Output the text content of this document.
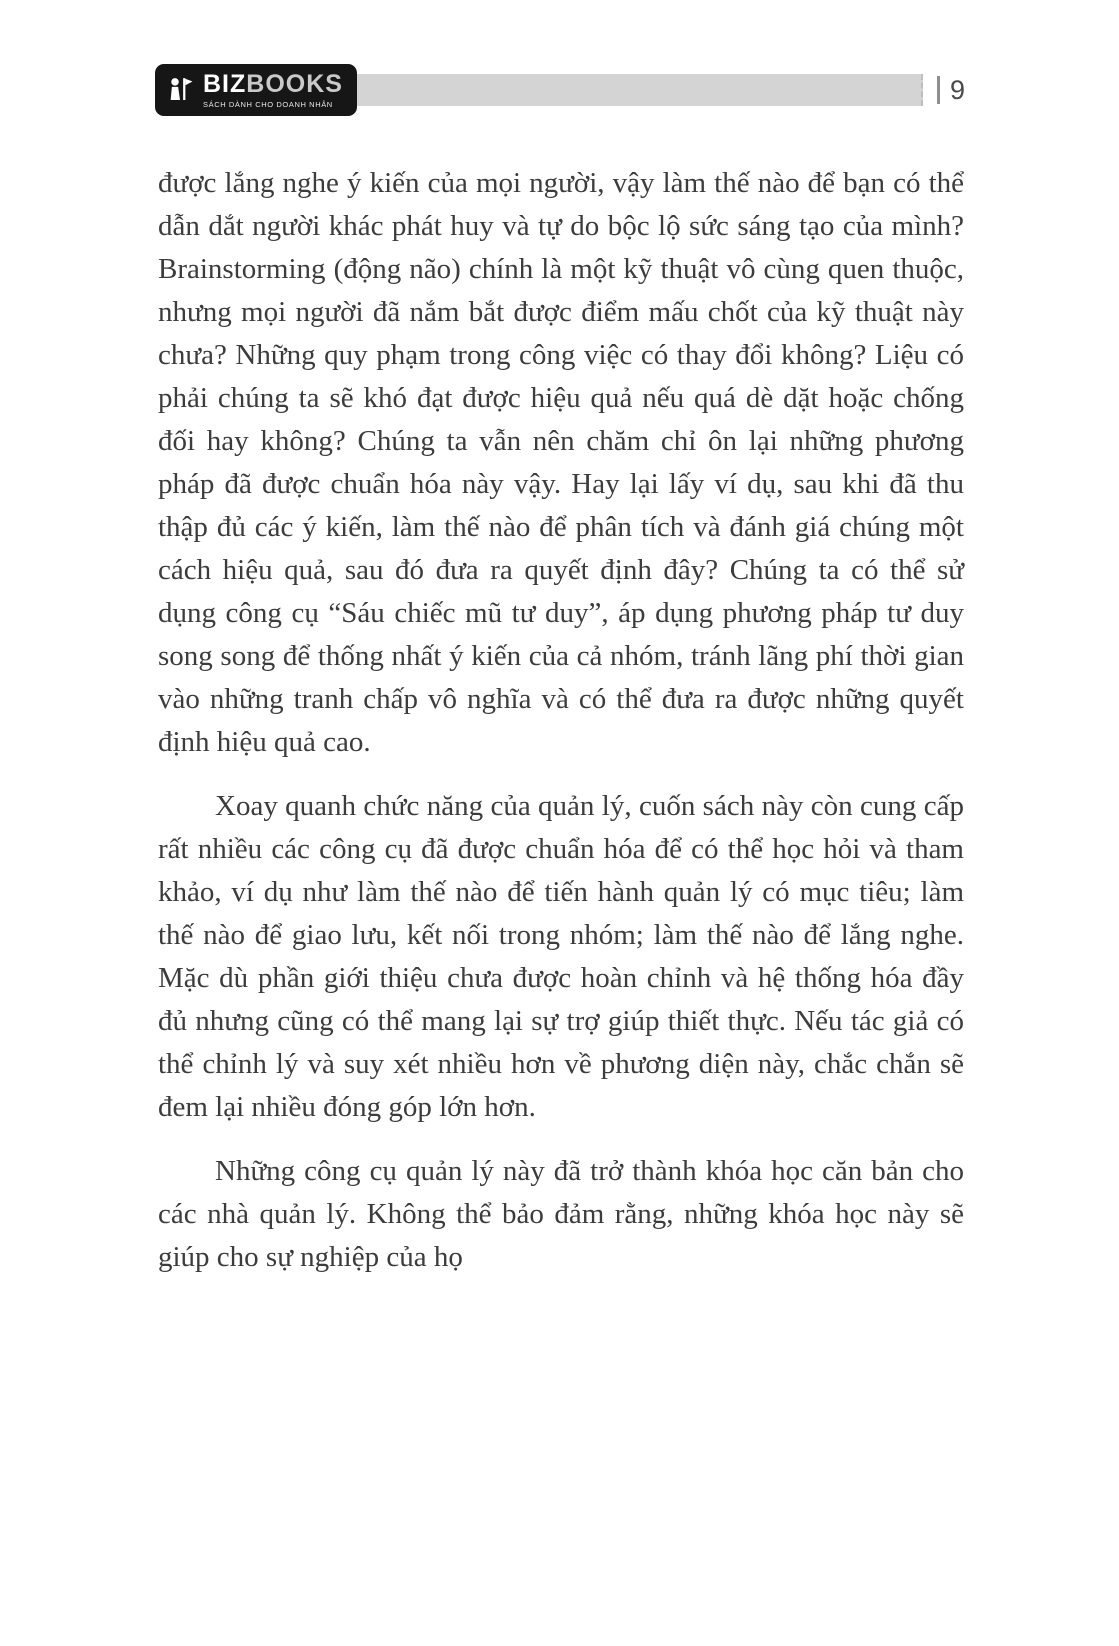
BIZBOOKS
SÁCH DÀNH CHO DOANH NHÂN	9

được lắng nghe ý kiến của mọi người, vậy làm thế nào để bạn có thể dẫn dắt người khác phát huy và tự do bộc lộ sức sáng tạo của mình? Brainstorming (động não) chính là một kỹ thuật vô cùng quen thuộc, nhưng mọi người đã nắm bắt được điểm mấu chốt của kỹ thuật này chưa? Những quy phạm trong công việc có thay đổi không? Liệu có phải chúng ta sẽ khó đạt được hiệu quả nếu quá dè dặt hoặc chống đối hay không? Chúng ta vẫn nên chăm chỉ ôn lại những phương pháp đã được chuẩn hóa này vậy. Hay lại lấy ví dụ, sau khi đã thu thập đủ các ý kiến, làm thế nào để phân tích và đánh giá chúng một cách hiệu quả, sau đó đưa ra quyết định đây? Chúng ta có thể sử dụng công cụ “Sáu chiếc mũ tư duy”, áp dụng phương pháp tư duy song song để thống nhất ý kiến của cả nhóm, tránh lãng phí thời gian vào những tranh chấp vô nghĩa và có thể đưa ra được những quyết định hiệu quả cao.

Xoay quanh chức năng của quản lý, cuốn sách này còn cung cấp rất nhiều các công cụ đã được chuẩn hóa để có thể học hỏi và tham khảo, ví dụ như làm thế nào để tiến hành quản lý có mục tiêu; làm thế nào để giao lưu, kết nối trong nhóm; làm thế nào để lắng nghe. Mặc dù phần giới thiệu chưa được hoàn chỉnh và hệ thống hóa đầy đủ nhưng cũng có thể mang lại sự trợ giúp thiết thực. Nếu tác giả có thể chỉnh lý và suy xét nhiều hơn về phương diện này, chắc chắn sẽ đem lại nhiều đóng góp lớn hơn.

Những công cụ quản lý này đã trở thành khóa học căn bản cho các nhà quản lý. Không thể bảo đảm rằng, những khóa học này sẽ giúp cho sự nghiệp của họ
